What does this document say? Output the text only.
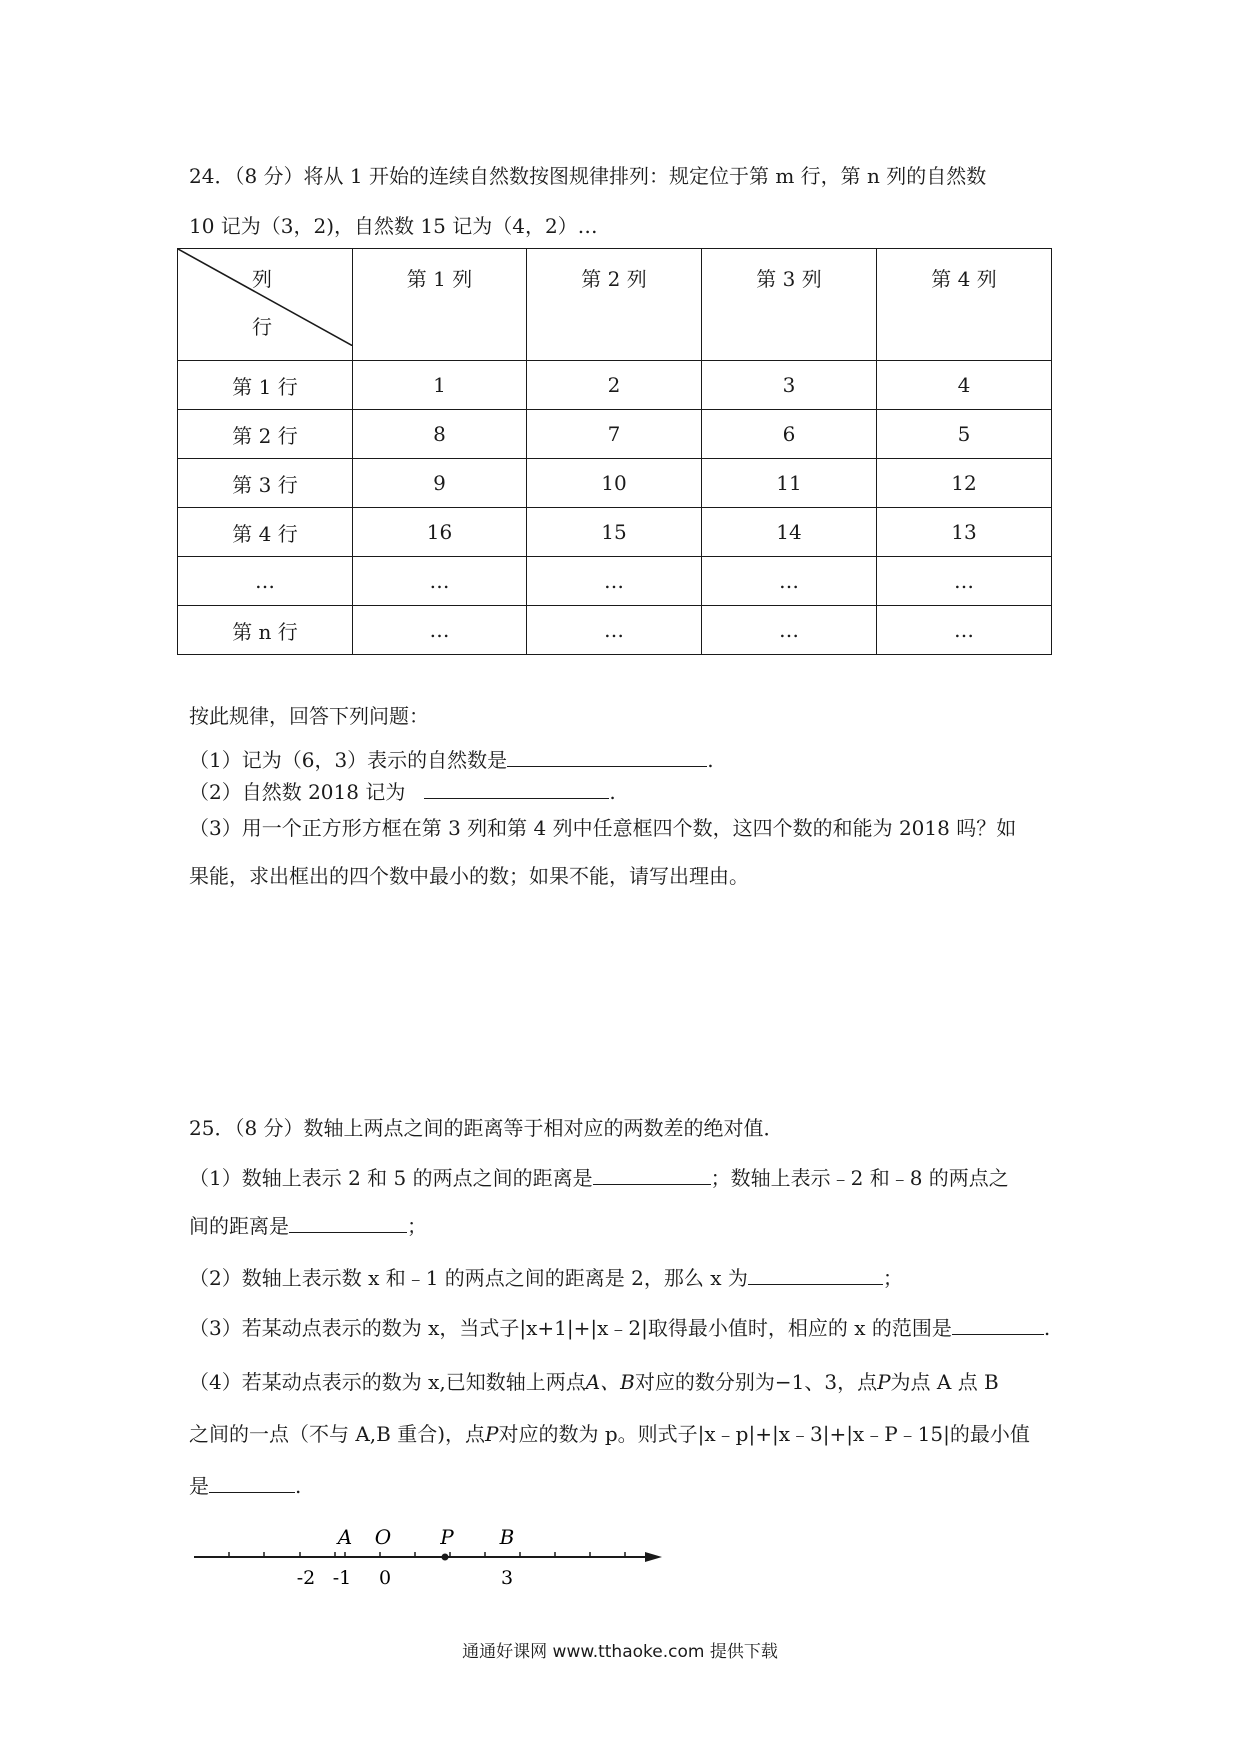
24．（8 分）将从 1 开始的连续自然数按图规律排列：规定位于第 m 行，第 n 列的自然数
10 记为（3，2)，自然数 15 记为（4，2）…
列
行	第 1 列	第 2 列	第 3 列	第 4 列
第 1 行	1	2	3	4
第 2 行	8	7	6	5
第 3 行	9	10	11	12
第 4 行	16	15	14	13
…	…	…	…	…
第 n 行	…	…	…	…
按此规律，回答下列问题：
（1）记为（6，3）表示的自然数是	.
（2）自然数 2018 记为	.
（3）用一个正方形方框在第 3 列和第 4 列中任意框四个数，这四个数的和能为 2018 吗？如
果能，求出框出的四个数中最小的数；如果不能，请写出理由。
25．（8 分）数轴上两点之间的距离等于相对应的两数差的绝对值．
（1）数轴上表示 2 和 5 的两点之间的距离是	；数轴上表示﹣2 和﹣8 的两点之
间的距离是	；
（2）数轴上表示数 x 和﹣1 的两点之间的距离是 2，那么 x 为	；
（3）若某动点表示的数为 x，当式子|x+1|+|x﹣2|取得最小值时，相应的 x 的范围是	.
（4）若某动点表示的数为 x,已知数轴上两点A、B对应的数分别为−1、3，点P为点 A 点 B
之间的一点（不与 A,B 重合)，点P对应的数为 p。则式子|x﹣p|+|x﹣3|+|x﹣P﹣15|的最小值
是	.
A O P B
-2 -1 0	3
通通好课网 www.tthaoke.com 提供下载
